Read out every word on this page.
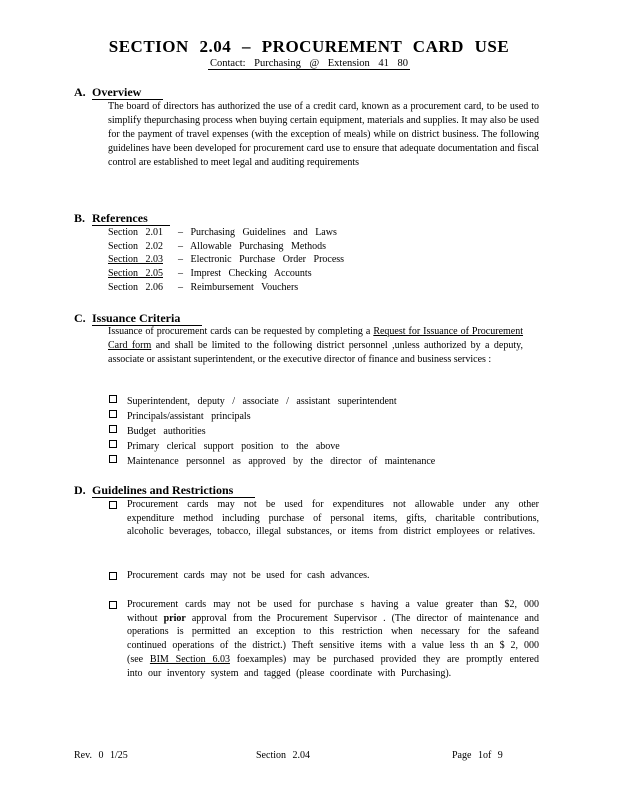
SECTION 2.04 – PROCUREMENT CARD USE
Contact: Purchasing @ Extension 41 80
A. Overview
The board of directors has authorized the use of a credit card, known as a procurement card, to be used to simplify thepurchasing process when buying certain equipment, materials and supplies. It may also be used for the payment of travel expenses (with the exception of meals) while on district business. The following guidelines have been developed for procurement card use to ensure that adequate documentation and fiscal control are established to meet legal and auditing requirements
B. References
Section 2.01 – Purchasing Guidelines and Laws
Section 2.02 – Allowable Purchasing Methods
Section 2.03 – Electronic Purchase Order Process
Section 2.05 – Imprest Checking Accounts
Section 2.06 – Reimbursement Vouchers
C. Issuance Criteria
Issuance of procurement cards can be requested by completing a Request for Issuance of Procurement Card form and shall be limited to the following district personnel ,unless authorized by a deputy, associate or assistant superintendent, or the executive director of finance and business services :
Superintendent, deputy / associate / assistant superintendent
Principals/assistant principals
Budget authorities
Primary clerical support position to the above
Maintenance personnel as approved by the director of maintenance
D. Guidelines and Restrictions
Procurement cards may not be used for expenditures not allowable under any other expenditure method including purchase of personal items, gifts, charitable contributions, alcoholic beverages, tobacco, illegal substances, or items from district employees or relatives.
Procurement cards may not be used for cash advances.
Procurement cards may not be used for purchase s having a value greater than $2, 000 without prior approval from the Procurement Supervisor . (The director of maintenance and operations is permitted an exception to this restriction when necessary for the safeand continued operations of the district.) Theft sensitive items with a value less th an $ 2, 000 (see BIM Section 6.03 foexamples) may be purchased provided they are promptly entered into our inventory system and tagged (please coordinate with Purchasing).
Rev. 0 1/25	Section 2.04	Page 1of 9
